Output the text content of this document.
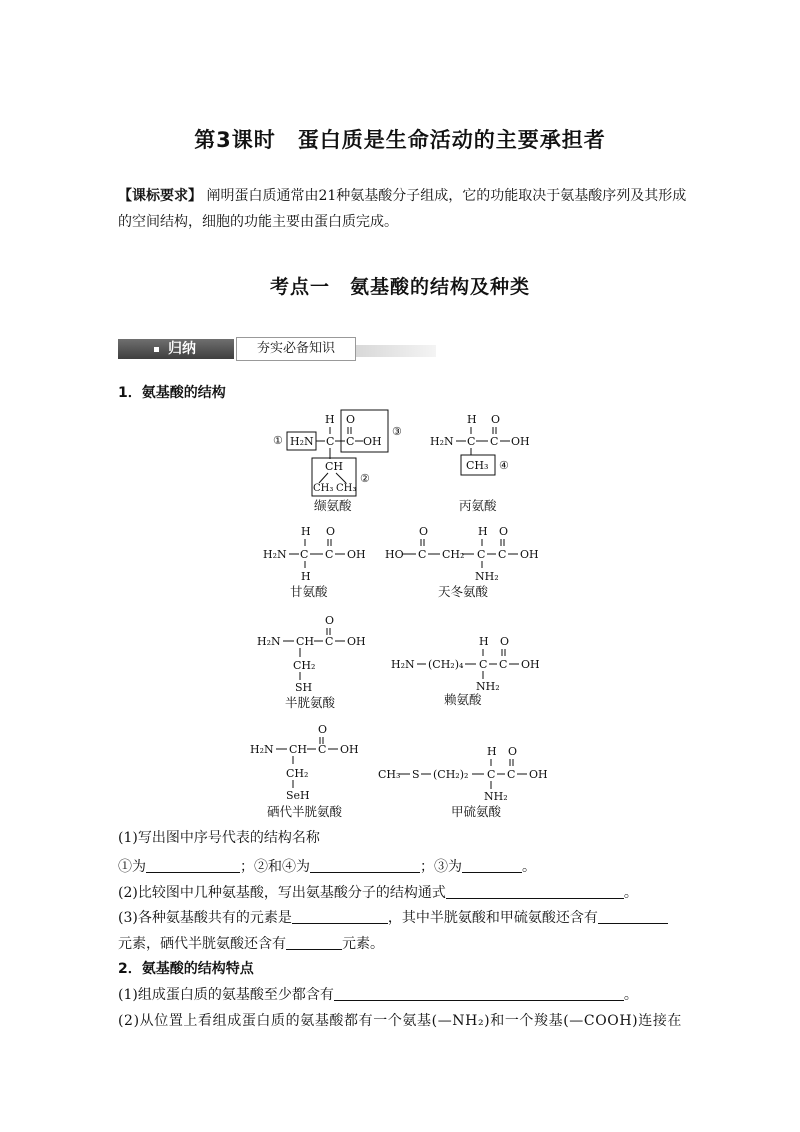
第3课时　蛋白质是生命活动的主要承担者
【课标要求】 阐明蛋白质通常由21种氨基酸分子组成，它的功能取决于氨基酸序列及其形成的空间结构，细胞的功能主要由蛋白质完成。
考点一　氨基酸的结构及种类
归纳	夯实必备知识
1．氨基酸的结构
① H₂N C
H O
C OH
③
CH
CH₃ CH₃
②
H O
H₂N C C OH
CH₃ ④
缬氨酸	丙氨酸
H O
H₂N C C OH
H
甘氨酸
O	H O
HO C CH₂ C C OH
NH₂
天冬氨酸
O
H₂N CH C OH
CH₂
SH
半胱氨酸
H O
H₂N (CH₂)₄ C C OH
NH₂
赖氨酸
O
H₂N CH C OH
CH₂
SeH
硒代半胱氨酸
H O
CH₃ S (CH₂)₂ C C OH
NH₂
甲硫氨酸
(1)写出图中序号代表的结构名称
①为	；②和④为	；③为	。
(2)比较图中几种氨基酸，写出氨基酸分子的结构通式	。
(3)各种氨基酸共有的元素是	，其中半胱氨酸和甲硫氨酸还含有
元素，硒代半胱氨酸还含有	元素。
2．氨基酸的结构特点
(1)组成蛋白质的氨基酸至少都含有	。
(2)从位置上看组成蛋白质的氨基酸都有一个氨基(—NH₂)和一个羧基(—COOH)连接在
